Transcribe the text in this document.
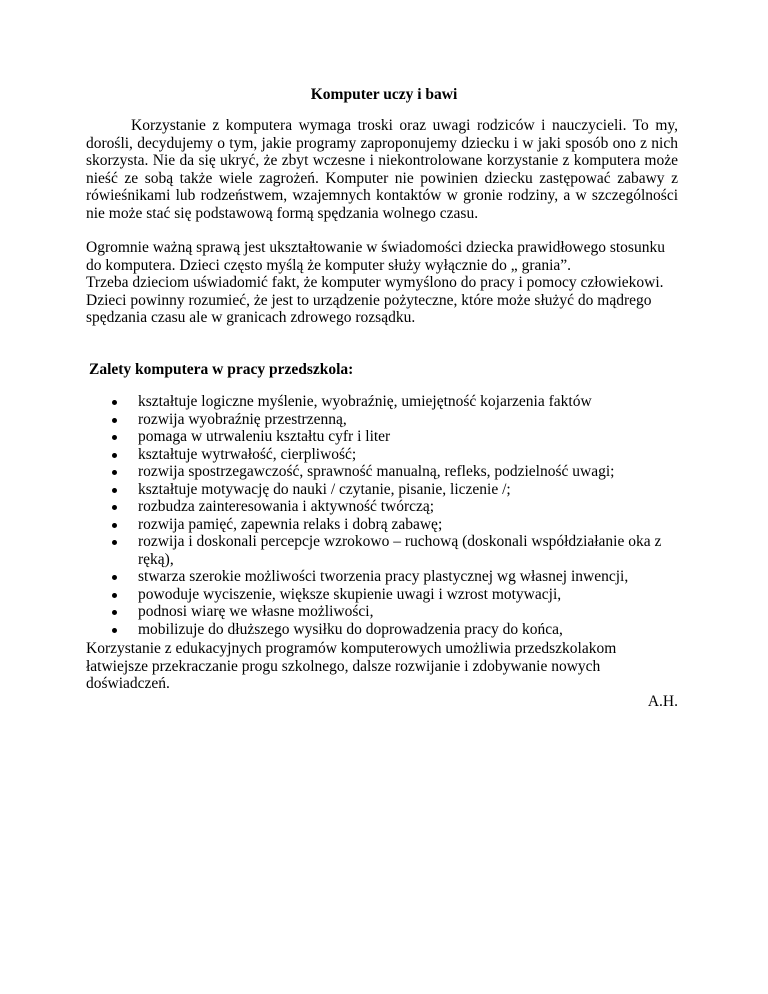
Komputer uczy i bawi

Korzystanie z komputera wymaga troski oraz uwagi rodziców i nauczycieli. To my, dorośli, decydujemy o tym, jakie programy zaproponujemy dziecku i w jaki sposób ono z nich skorzysta. Nie da się ukryć, że zbyt wczesne i niekontrolowane korzystanie z komputera może nieść ze sobą także wiele zagrożeń. Komputer nie powinien dziecku zastępować zabawy z rówieśnikami lub rodzeństwem, wzajemnych kontaktów w gronie rodziny, a w szczególności nie może stać się podstawową formą spędzania wolnego czasu.

Ogromnie ważną sprawą jest ukształtowanie w świadomości dziecka prawidłowego stosunku
do komputera. Dzieci często myślą że komputer służy wyłącznie do „ grania”.
Trzeba dzieciom uświadomić fakt, że komputer wymyślono do pracy i pomocy człowiekowi.
Dzieci powinny rozumieć, że jest to urządzenie pożyteczne, które może służyć do mądrego
spędzania czasu ale w granicach zdrowego rozsądku.

Zalety komputera w pracy przedszkola:

kształtuje logiczne myślenie, wyobraźnię, umiejętność kojarzenia faktów
rozwija wyobraźnię przestrzenną,
pomaga w utrwaleniu kształtu cyfr i liter
kształtuje wytrwałość, cierpliwość;
rozwija spostrzegawczość, sprawność manualną, refleks, podzielność uwagi;
kształtuje motywację do nauki / czytanie, pisanie, liczenie /;
rozbudza zainteresowania i aktywność twórczą;
rozwija pamięć, zapewnia relaks i dobrą zabawę;
rozwija i doskonali percepcje wzrokowo – ruchową (doskonali współdziałanie oka z ręką),
stwarza szerokie możliwości tworzenia pracy plastycznej wg własnej inwencji,
powoduje wyciszenie, większe skupienie uwagi i wzrost motywacji,
podnosi wiarę we własne możliwości,
mobilizuje do dłuższego wysiłku do doprowadzenia pracy do końca,
Korzystanie z edukacyjnych programów komputerowych umożliwia przedszkolakom
łatwiejsze przekraczanie progu szkolnego, dalsze rozwijanie i zdobywanie nowych
doświadczeń.

A.H.
